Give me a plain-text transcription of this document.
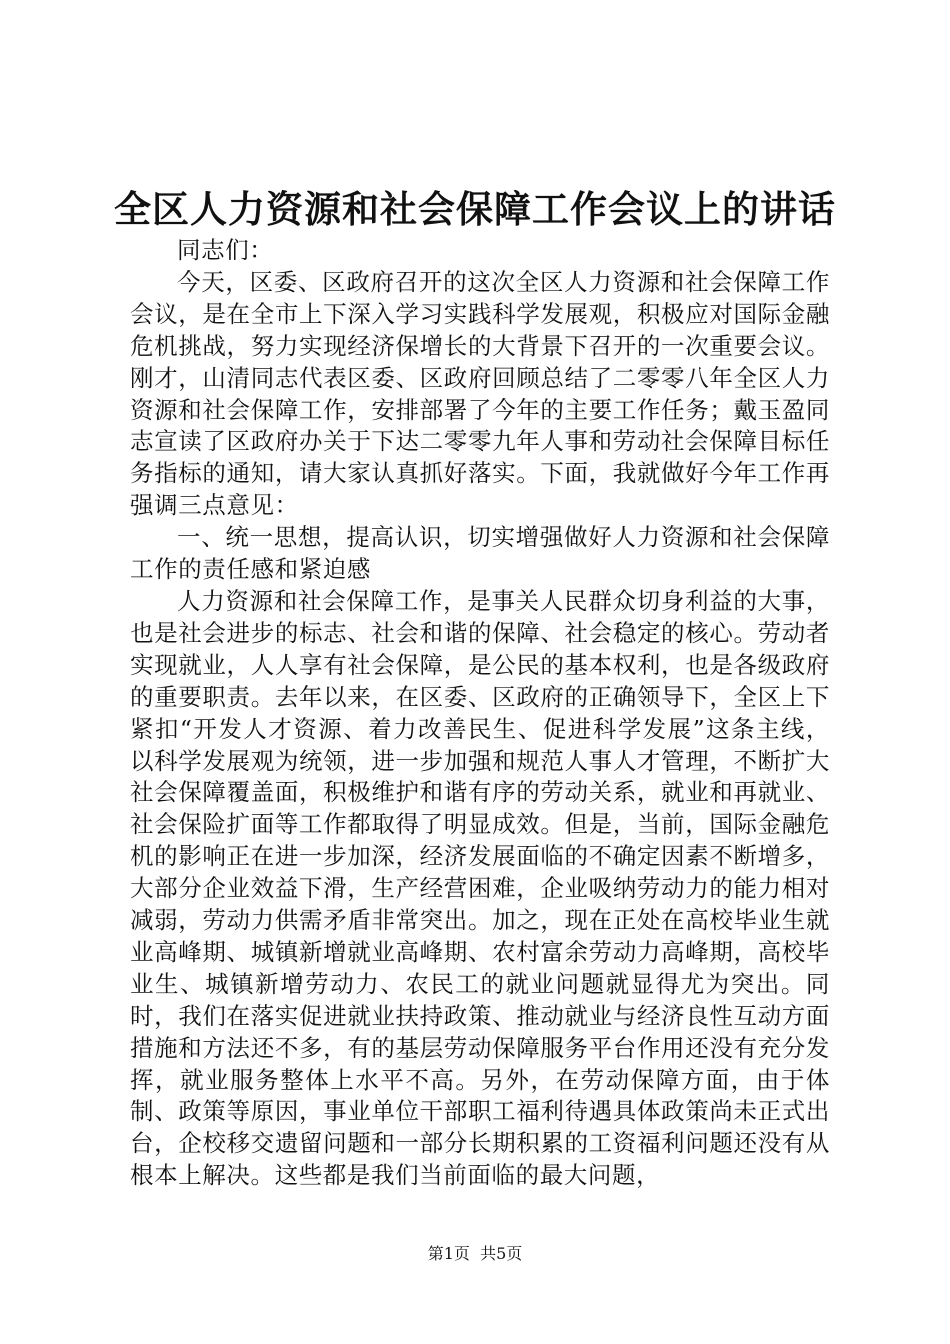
全区人力资源和社会保障工作会议上的讲话

同志们：

今天，区委、区政府召开的这次全区人力资源和社会保障工作会议，是在全市上下深入学习实践科学发展观，积极应对国际金融危机挑战，努力实现经济保增长的大背景下召开的一次重要会议。刚才，山清同志代表区委、区政府回顾总结了二零零八年全区人力资源和社会保障工作，安排部署了今年的主要工作任务；戴玉盈同志宣读了区政府办关于下达二零零九年人事和劳动社会保障目标任务指标的通知，请大家认真抓好落实。下面，我就做好今年工作再强调三点意见：

一、统一思想，提高认识，切实增强做好人力资源和社会保障工作的责任感和紧迫感

人力资源和社会保障工作，是事关人民群众切身利益的大事，也是社会进步的标志、社会和谐的保障、社会稳定的核心。劳动者实现就业，人人享有社会保障，是公民的基本权利，也是各级政府的重要职责。去年以来，在区委、区政府的正确领导下，全区上下紧扣“开发人才资源、着力改善民生、促进科学发展”这条主线，以科学发展观为统领，进一步加强和规范人事人才管理，不断扩大社会保障覆盖面，积极维护和谐有序的劳动关系，就业和再就业、社会保险扩面等工作都取得了明显成效。但是，当前，国际金融危机的影响正在进一步加深，经济发展面临的不确定因素不断增多，大部分企业效益下滑，生产经营困难，企业吸纳劳动力的能力相对减弱，劳动力供需矛盾非常突出。加之，现在正处在高校毕业生就业高峰期、城镇新增就业高峰期、农村富余劳动力高峰期，高校毕业生、城镇新增劳动力、农民工的就业问题就显得尤为突出。同时，我们在落实促进就业扶持政策、推动就业与经济良性互动方面措施和方法还不多，有的基层劳动保障服务平台作用还没有充分发挥，就业服务整体上水平不高。另外，在劳动保障方面，由于体制、政策等原因，事业单位干部职工福利待遇具体政策尚未正式出台，企校移交遗留问题和一部分长期积累的工资福利问题还没有从根本上解决。这些都是我们当前面临的最大问题，

第1页 共5页
